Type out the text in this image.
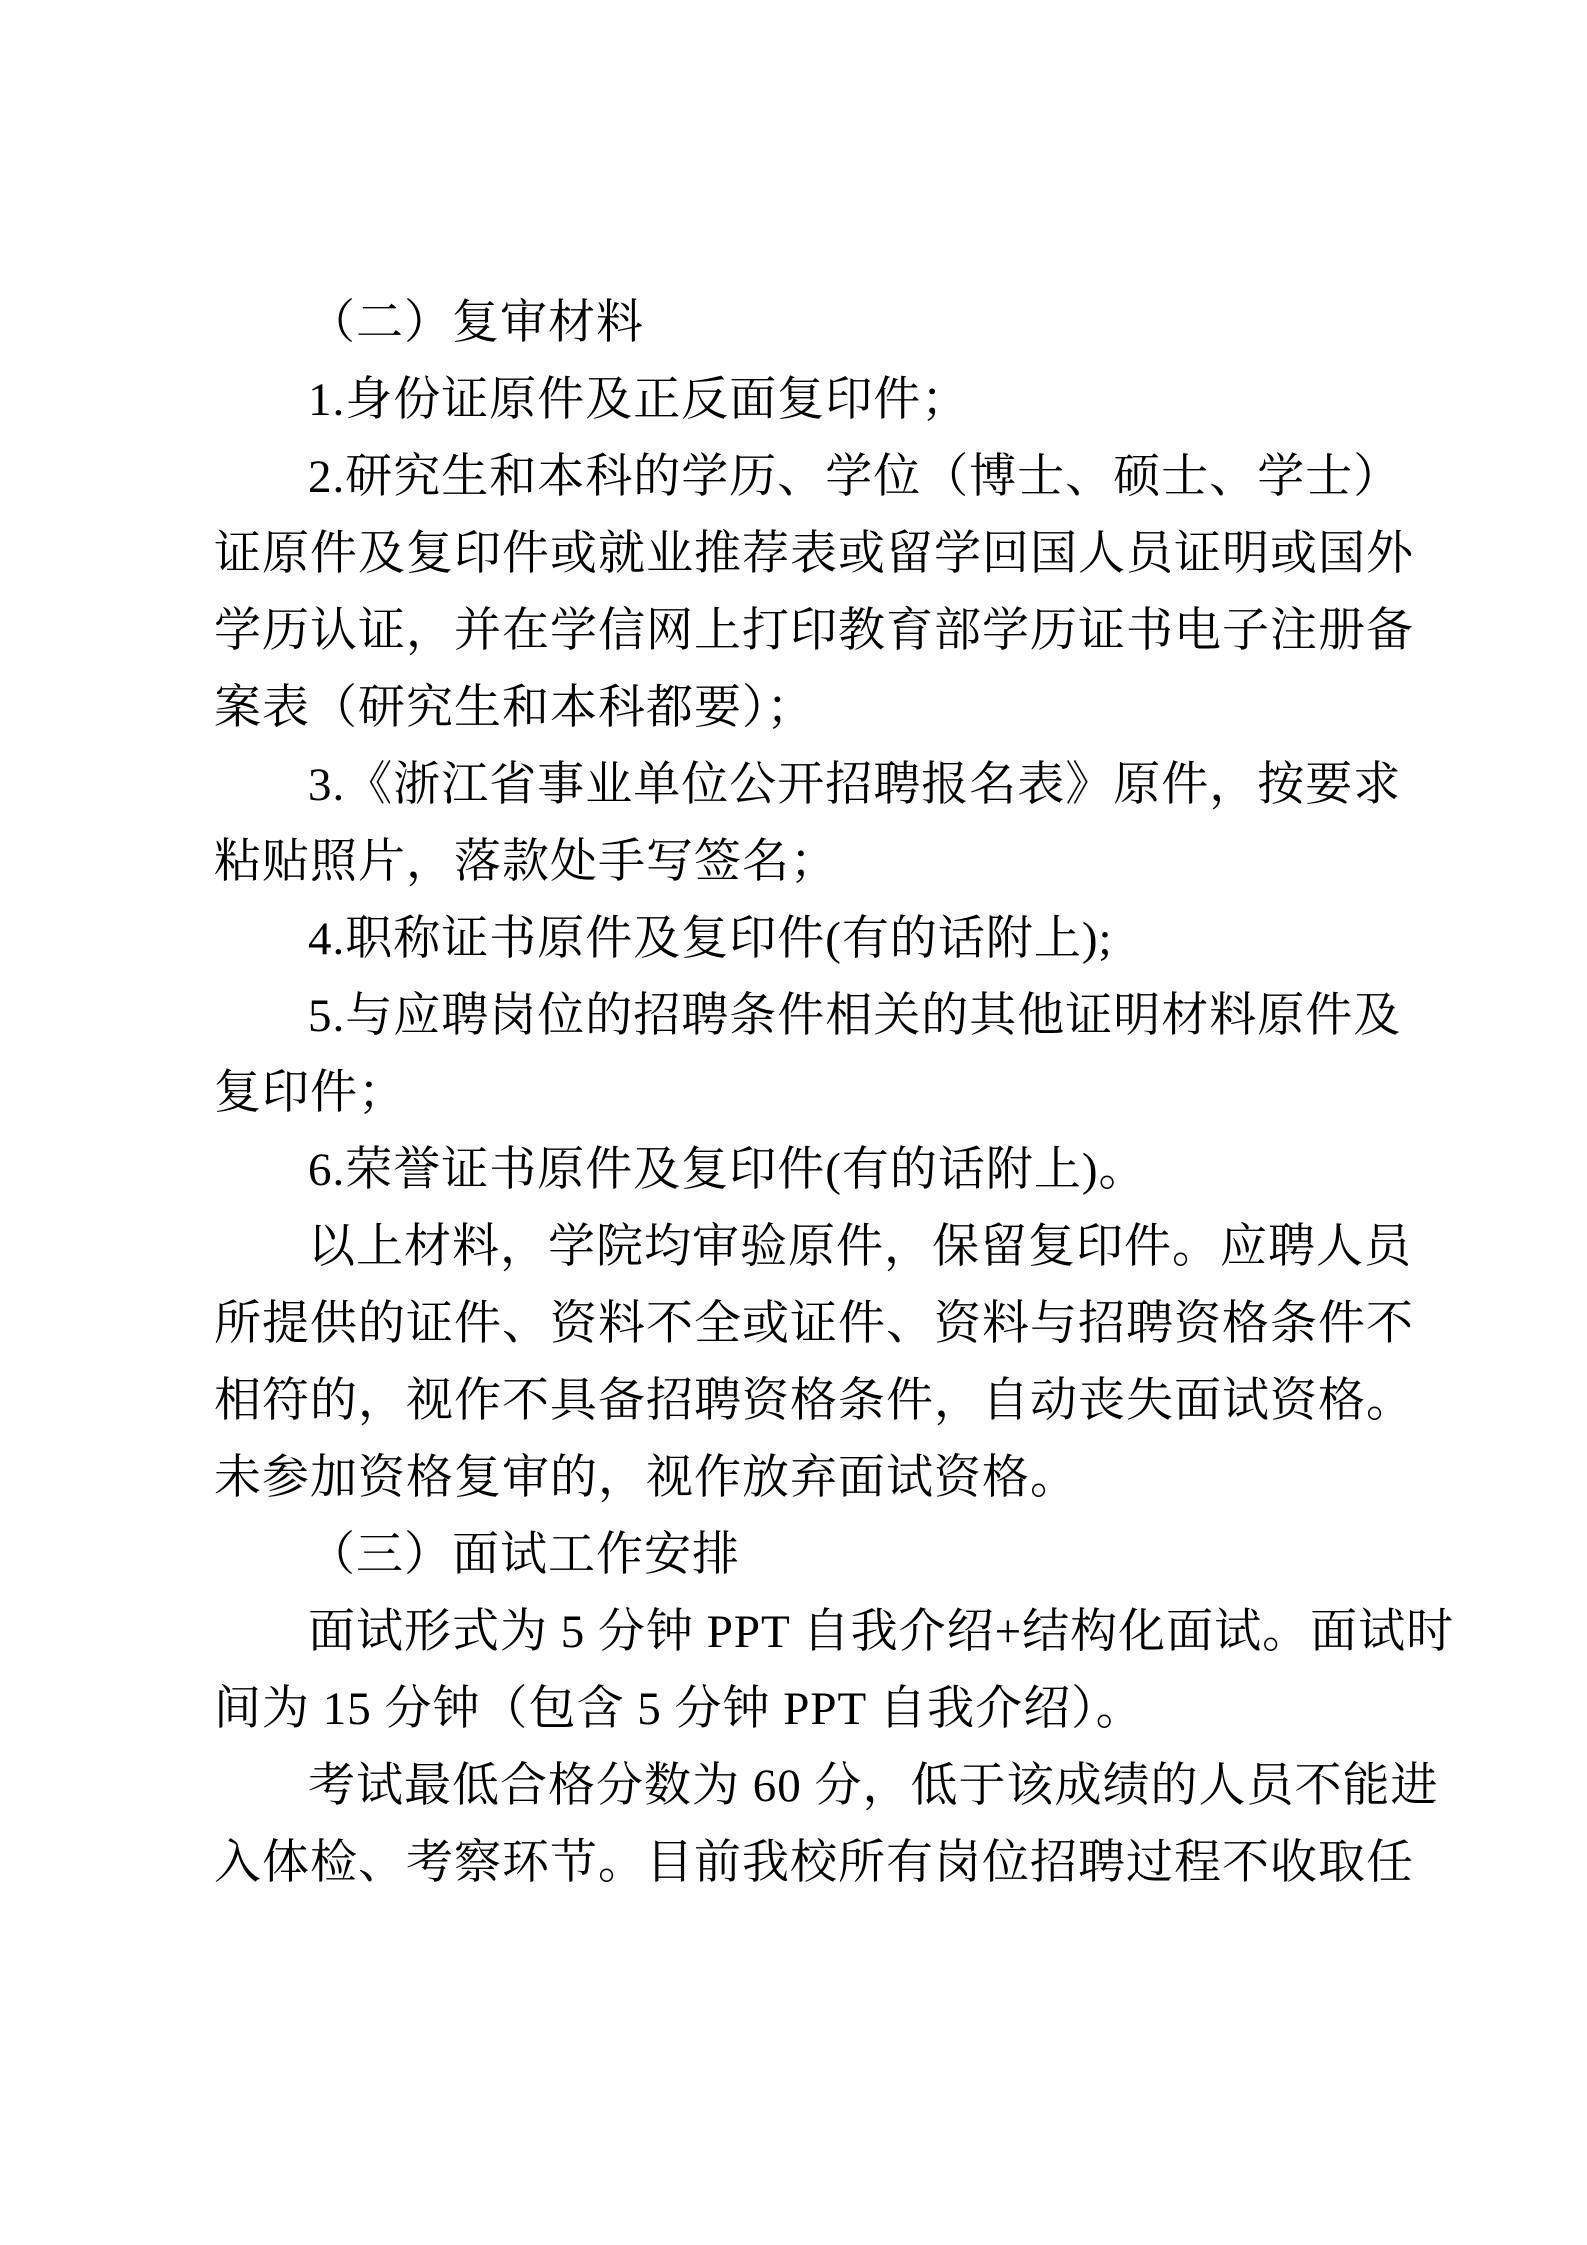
（二）复审材料
1.身份证原件及正反面复印件；
2.研究生和本科的学历、学位（博士、硕士、学士）
证原件及复印件或就业推荐表或留学回国人员证明或国外
学历认证，并在学信网上打印教育部学历证书电子注册备
案表（研究生和本科都要）；
3.《浙江省事业单位公开招聘报名表》原件，按要求
粘贴照片，落款处手写签名；
4.职称证书原件及复印件(有的话附上);
5.与应聘岗位的招聘条件相关的其他证明材料原件及
复印件；
6.荣誉证书原件及复印件(有的话附上)。
以上材料，学院均审验原件，保留复印件。应聘人员
所提供的证件、资料不全或证件、资料与招聘资格条件不
相符的，视作不具备招聘资格条件，自动丧失面试资格。
未参加资格复审的，视作放弃面试资格。
（三）面试工作安排
面试形式为 5 分钟 PPT 自我介绍+结构化面试。面试时
间为 15 分钟（包含 5 分钟 PPT 自我介绍）。
考试最低合格分数为 60 分，低于该成绩的人员不能进
入体检、考察环节。目前我校所有岗位招聘过程不收取任
